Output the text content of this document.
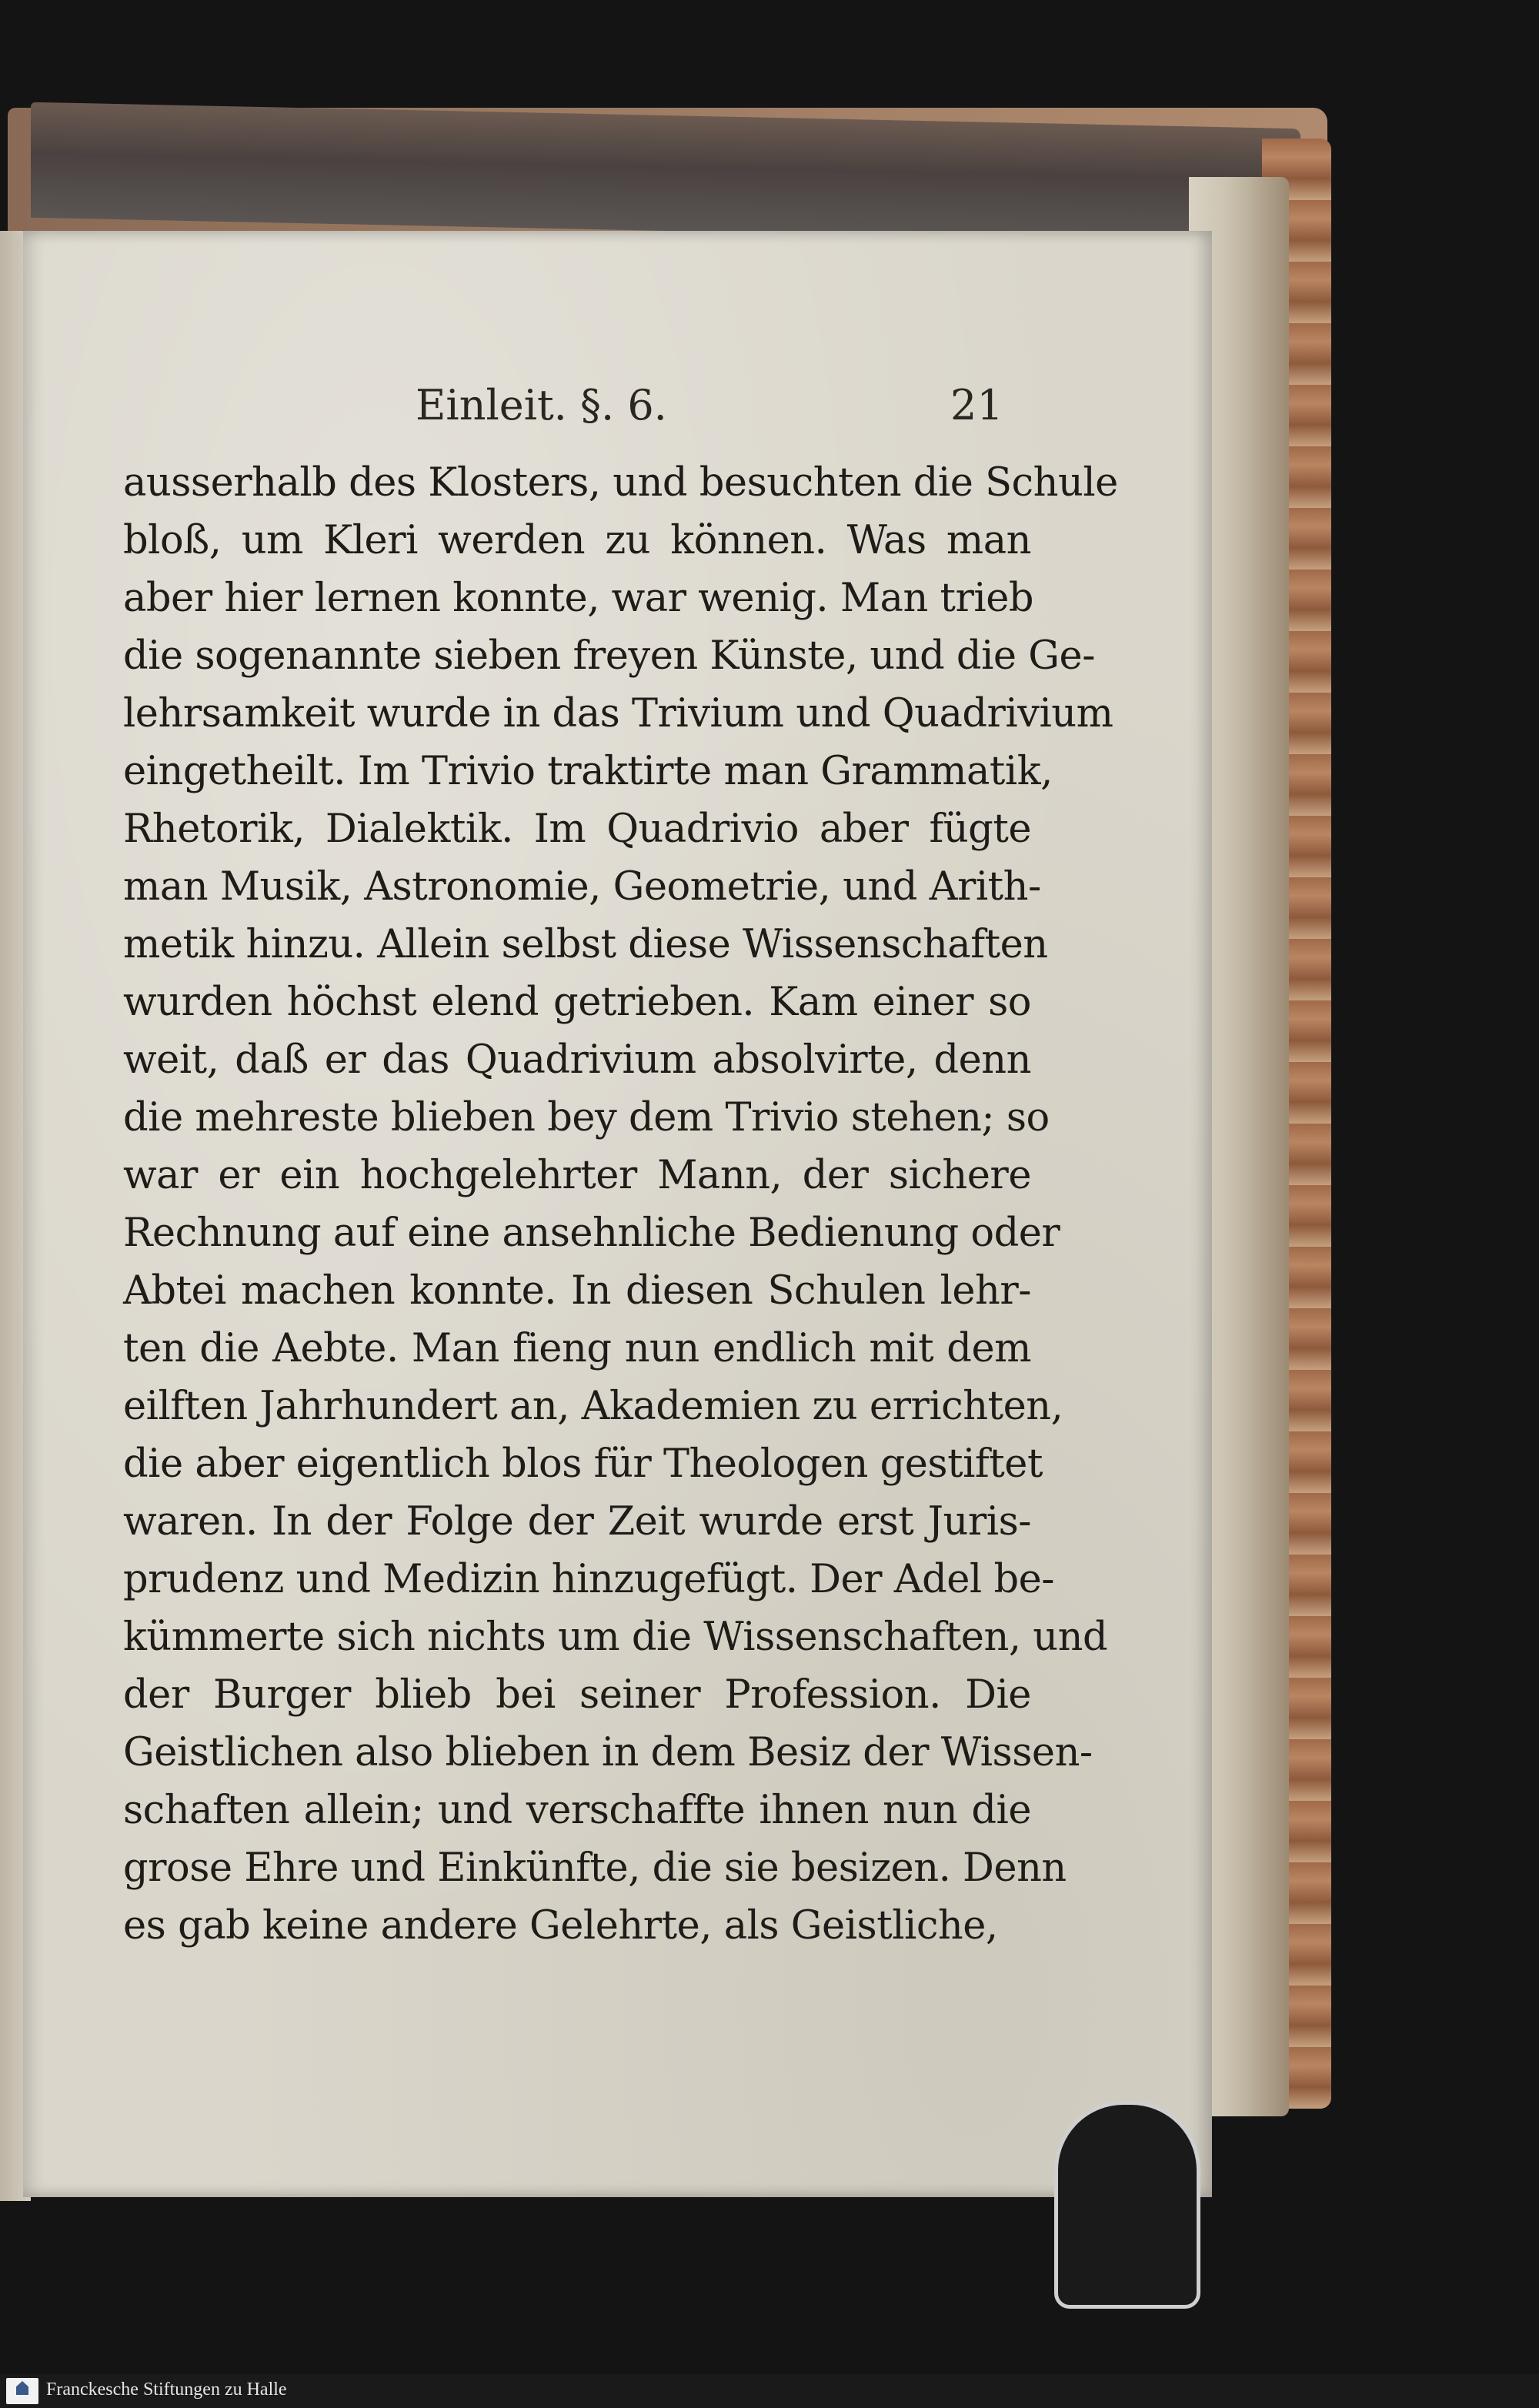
Einleit. §. 6.	21
ausserhalb des Klosters, und besuchten die Schule
bloß, um Kleri werden zu können. Was man
aber hier lernen konnte, war wenig. Man trieb
die sogenannte sieben freyen Künste, und die Ge-
lehrsamkeit wurde in das Trivium und Quadrivium
eingetheilt. Im Trivio traktirte man Grammatik,
Rhetorik, Dialektik. Im Quadrivio aber fügte
man Musik, Astronomie, Geometrie, und Arith-
metik hinzu. Allein selbst diese Wissenschaften
wurden höchst elend getrieben. Kam einer so
weit, daß er das Quadrivium absolvirte, denn
die mehreste blieben bey dem Trivio stehen; so
war er ein hochgelehrter Mann, der sichere
Rechnung auf eine ansehnliche Bedienung oder
Abtei machen konnte. In diesen Schulen lehr-
ten die Aebte. Man fieng nun endlich mit dem
eilften Jahrhundert an, Akademien zu errichten,
die aber eigentlich blos für Theologen gestiftet
waren. In der Folge der Zeit wurde erst Juris-
prudenz und Medizin hinzugefügt. Der Adel be-
kümmerte sich nichts um die Wissenschaften, und
der Burger blieb bei seiner Profession. Die
Geistlichen also blieben in dem Besiz der Wissen-
schaften allein; und verschaffte ihnen nun die
grose Ehre und Einkünfte, die sie besizen. Denn
es gab keine andere Gelehrte, als Geistliche,
Franckesche Stiftungen zu Halle
